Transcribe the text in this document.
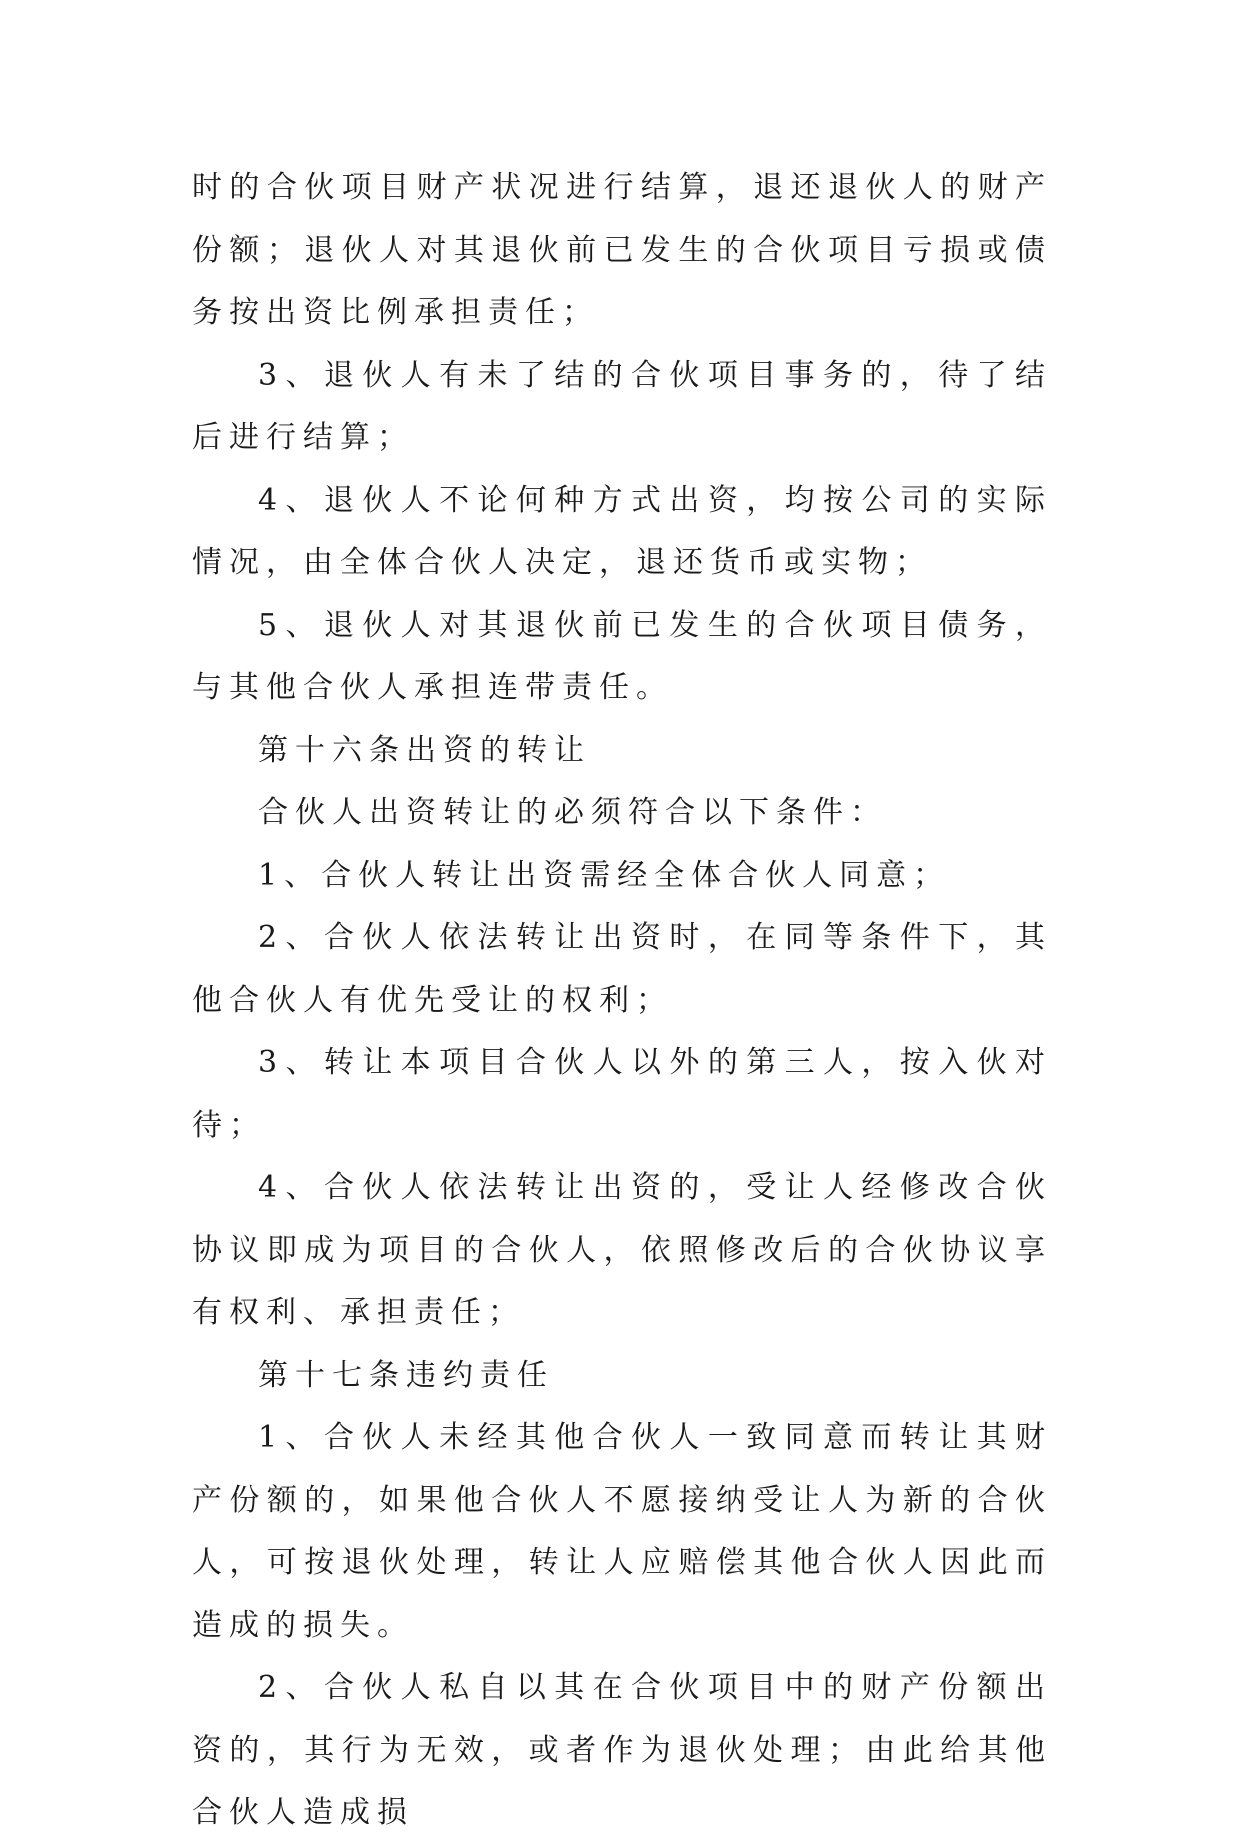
时的合伙项目财产状况进行结算，退还退伙人的财产份额；退伙人对其退伙前已发生的合伙项目亏损或债务按出资比例承担责任；

3、退伙人有未了结的合伙项目事务的，待了结后进行结算；

4、退伙人不论何种方式出资，均按公司的实际情况，由全体合伙人决定，退还货币或实物；

5、退伙人对其退伙前已发生的合伙项目债务，与其他合伙人承担连带责任。

第十六条出资的转让

合伙人出资转让的必须符合以下条件：

1、合伙人转让出资需经全体合伙人同意；

2、合伙人依法转让出资时，在同等条件下，其他合伙人有优先受让的权利；

3、转让本项目合伙人以外的第三人，按入伙对待；

4、合伙人依法转让出资的，受让人经修改合伙协议即成为项目的合伙人，依照修改后的合伙协议享有权利、承担责任；

第十七条违约责任

1、合伙人未经其他合伙人一致同意而转让其财产份额的，如果他合伙人不愿接纳受让人为新的合伙人，可按退伙处理，转让人应赔偿其他合伙人因此而造成的损失。

2、合伙人私自以其在合伙项目中的财产份额出资的，其行为无效，或者作为退伙处理；由此给其他合伙人造成损
